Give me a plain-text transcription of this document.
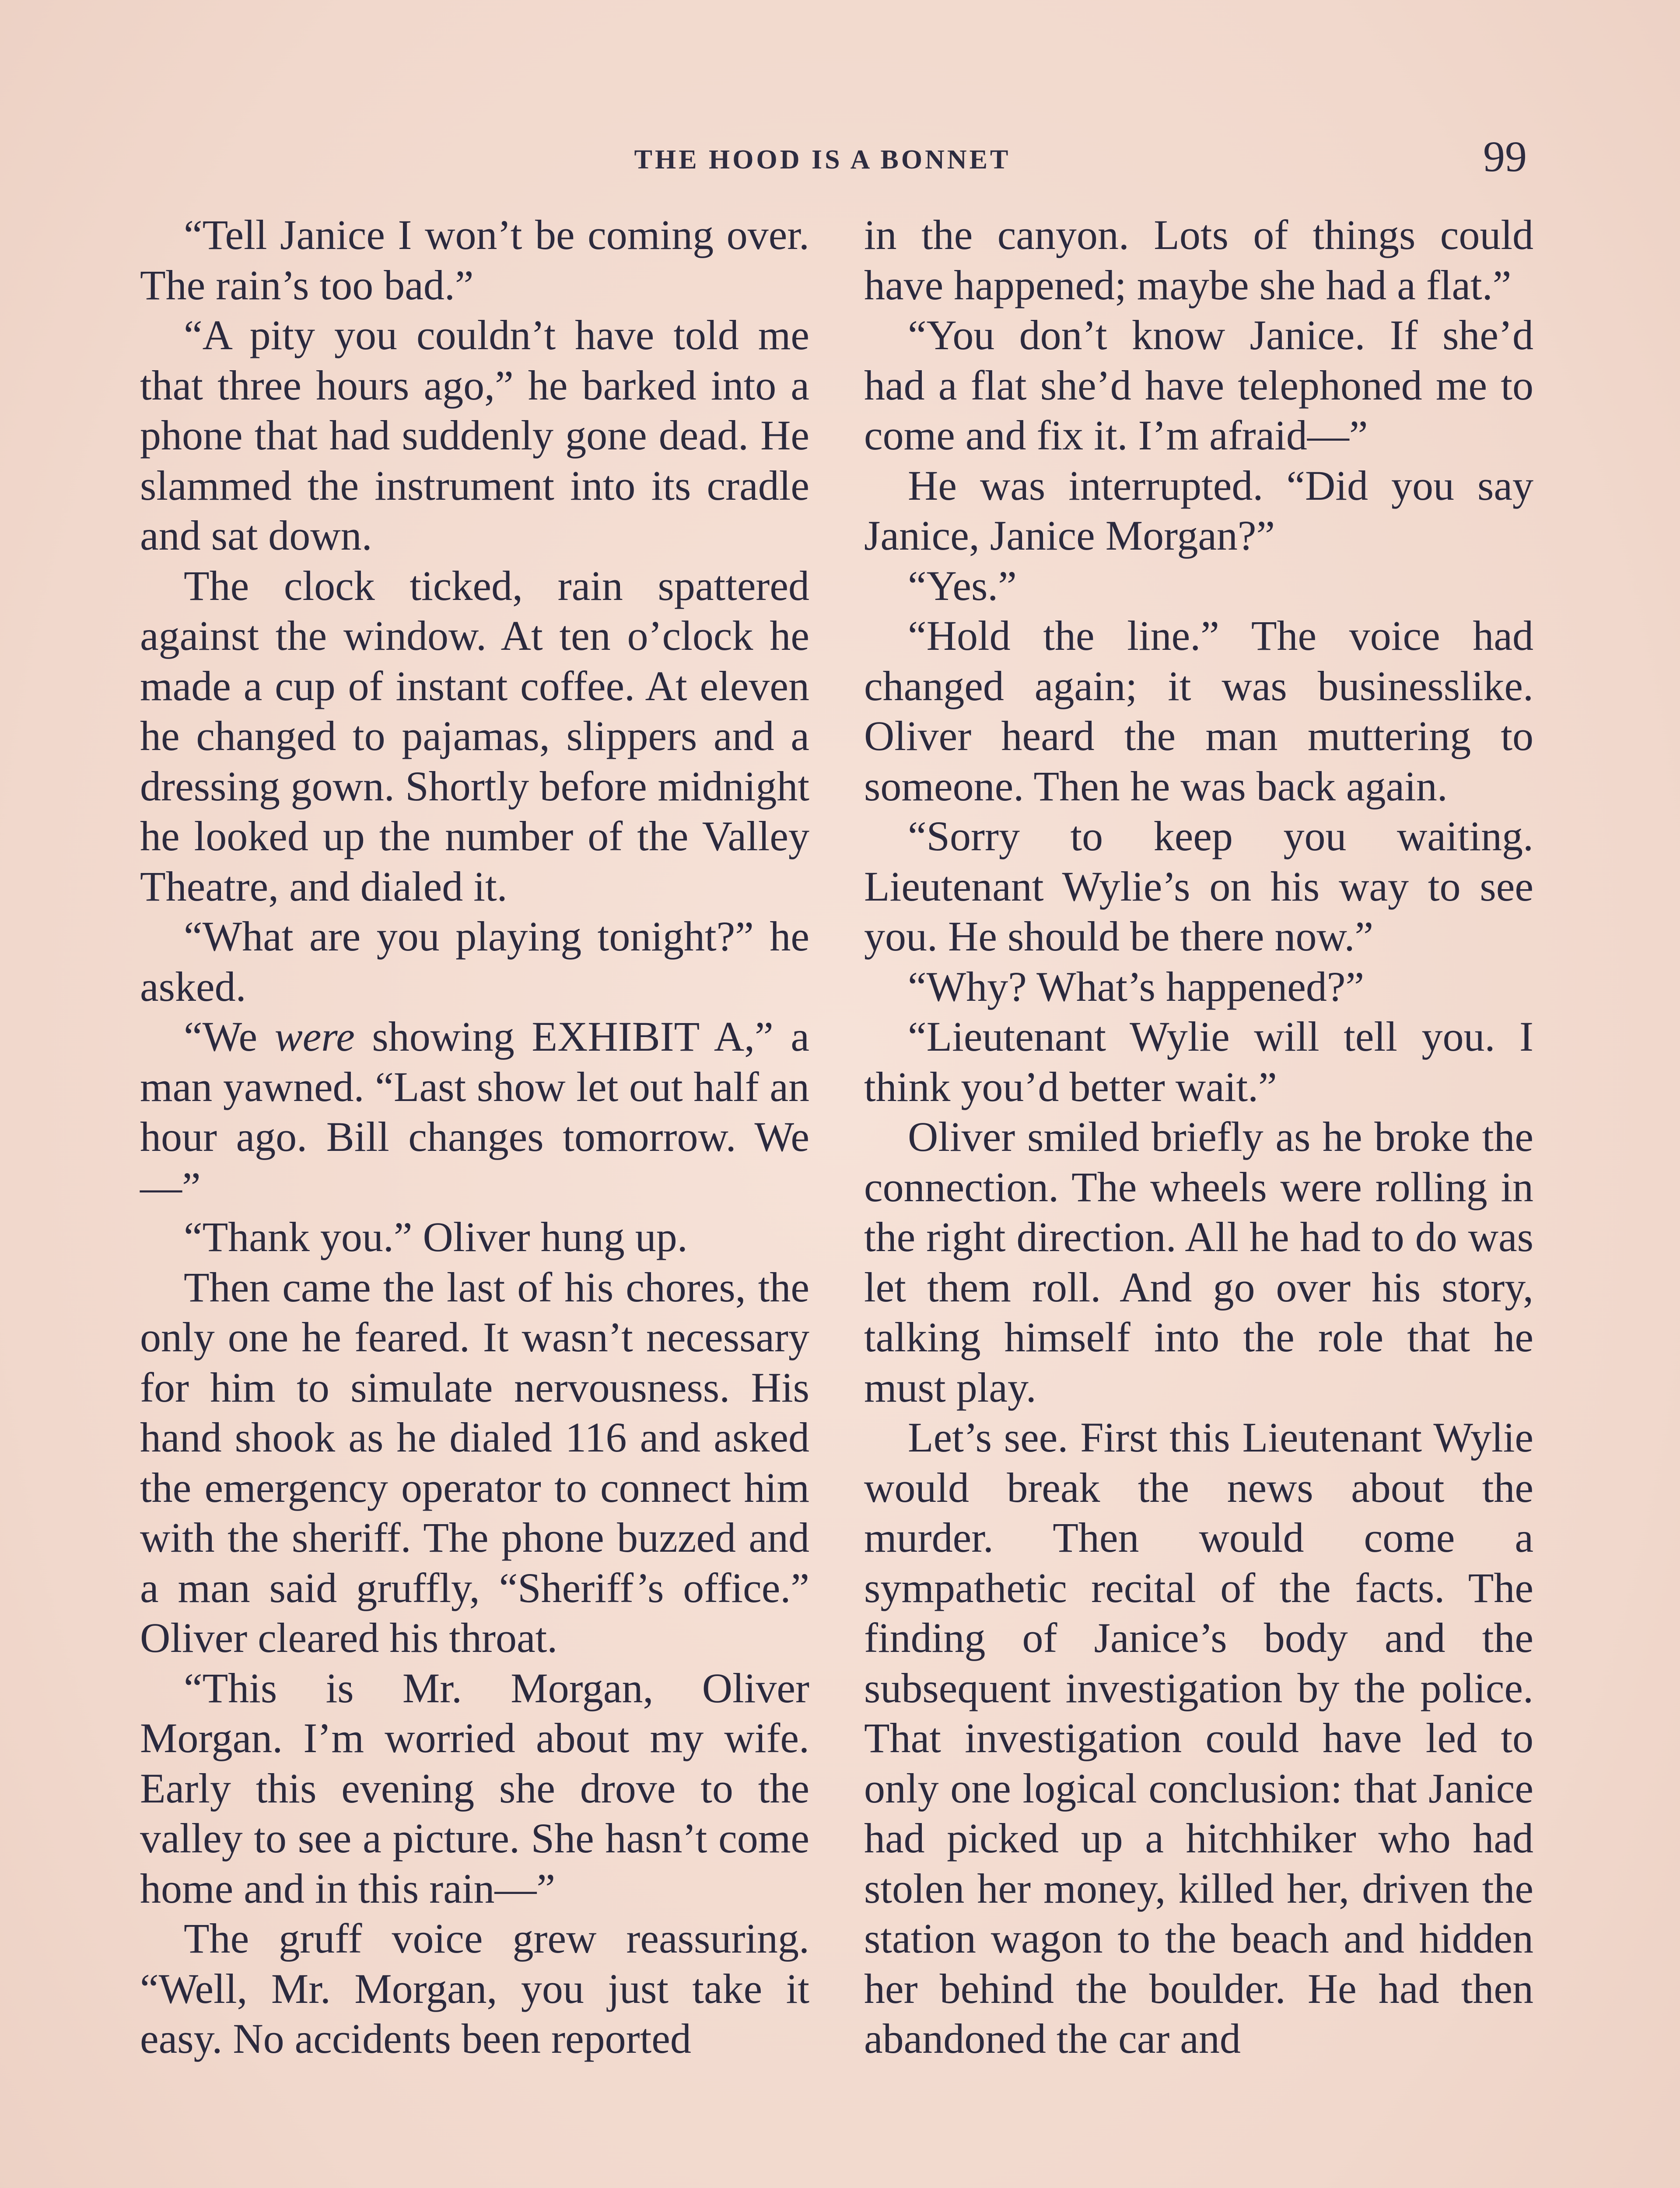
THE HOOD IS A BONNET	99

“Tell Janice I won’t be coming over. The rain’s too bad.”

“A pity you couldn’t have told me that three hours ago,” he barked into a phone that had suddenly gone dead. He slammed the instrument into its cradle and sat down.

The clock ticked, rain spattered against the window. At ten o’clock he made a cup of instant coffee. At eleven he changed to pajamas, slippers and a dressing gown. Shortly before midnight he looked up the number of the Valley Theatre, and dialed it.

“What are you playing tonight?” he asked.

“We were showing EXHIBIT A,” a man yawned. “Last show let out half an hour ago. Bill changes tomorrow. We—”

“Thank you.” Oliver hung up.

Then came the last of his chores, the only one he feared. It wasn’t necessary for him to simulate nervousness. His hand shook as he dialed 116 and asked the emergency operator to connect him with the sheriff. The phone buzzed and a man said gruffly, “Sheriff’s office.” Oliver cleared his throat.

“This is Mr. Morgan, Oliver Morgan. I’m worried about my wife. Early this evening she drove to the valley to see a picture. She hasn’t come home and in this rain—”

The gruff voice grew reassuring. “Well, Mr. Morgan, you just take it easy. No accidents been reported

in the canyon. Lots of things could have happened; maybe she had a flat.”

“You don’t know Janice. If she’d had a flat she’d have telephoned me to come and fix it. I’m afraid—”

He was interrupted. “Did you say Janice, Janice Morgan?”

“Yes.”

“Hold the line.” The voice had changed again; it was businesslike. Oliver heard the man muttering to someone. Then he was back again.

“Sorry to keep you waiting. Lieutenant Wylie’s on his way to see you. He should be there now.”

“Why? What’s happened?”

“Lieutenant Wylie will tell you. I think you’d better wait.”

Oliver smiled briefly as he broke the connection. The wheels were rolling in the right direction. All he had to do was let them roll. And go over his story, talking himself into the role that he must play.

Let’s see. First this Lieutenant Wylie would break the news about the murder. Then would come a sympathetic recital of the facts. The finding of Janice’s body and the subsequent investigation by the police. That investigation could have led to only one logical conclusion: that Janice had picked up a hitchhiker who had stolen her money, killed her, driven the station wagon to the beach and hidden her behind the boulder. He had then abandoned the car and
